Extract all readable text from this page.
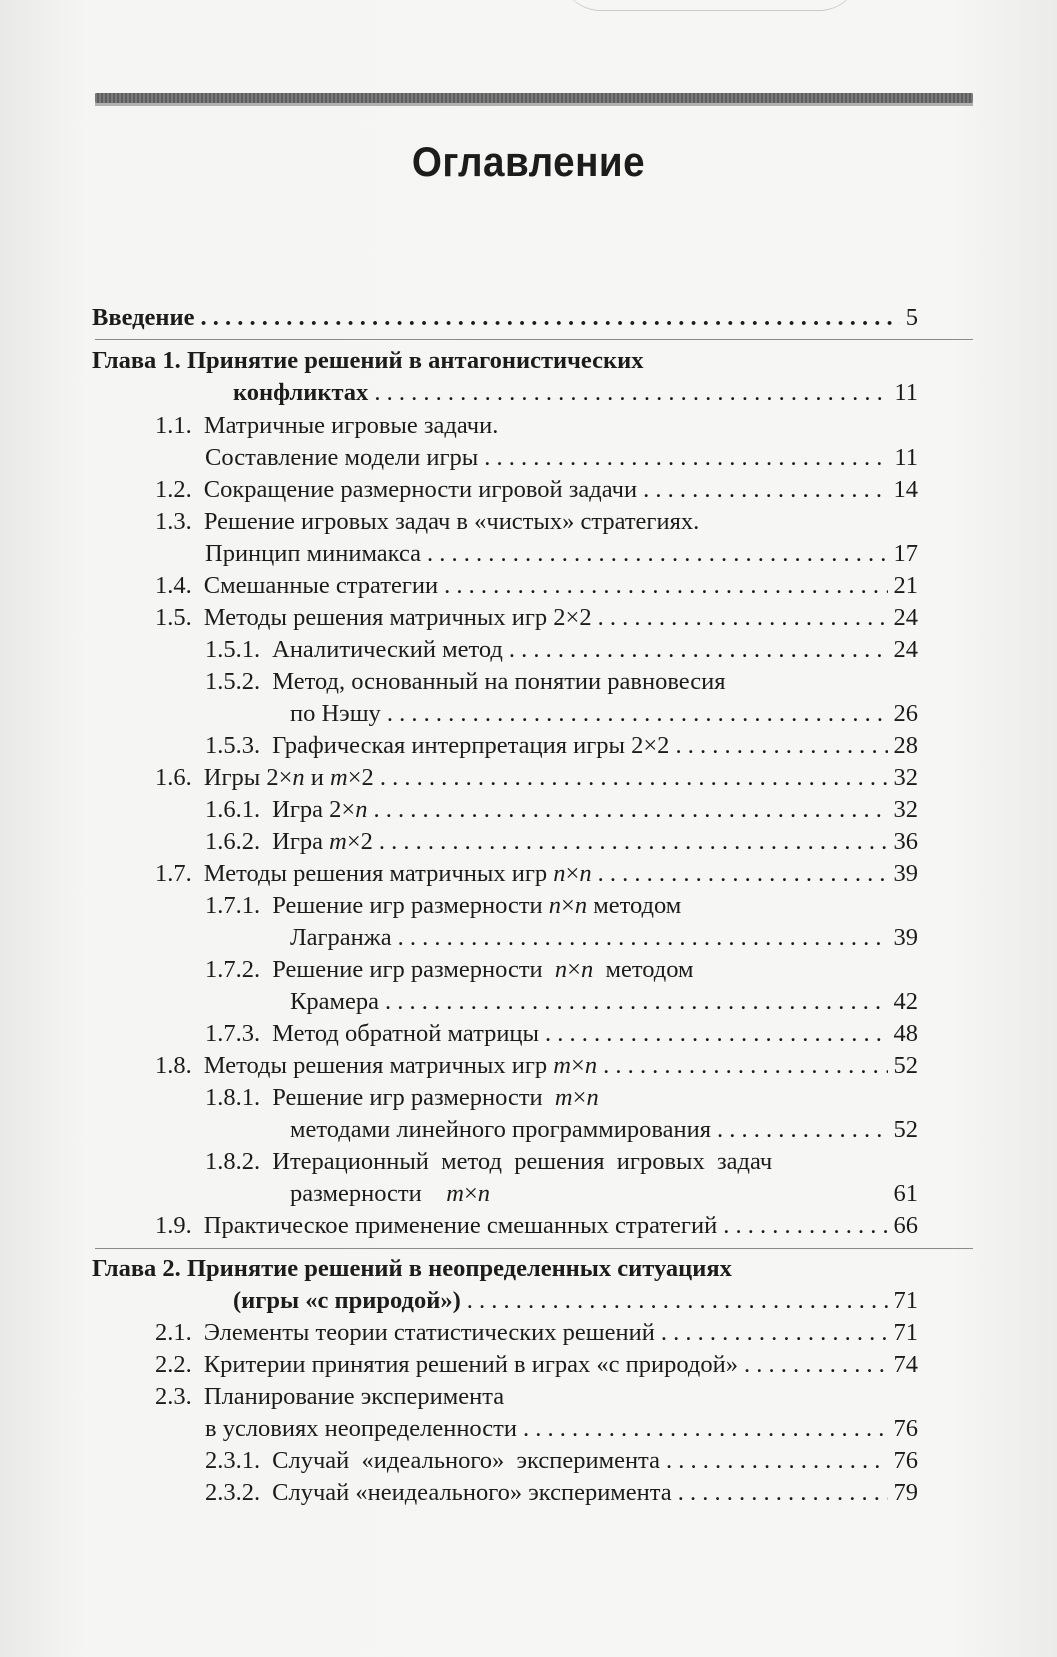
Оглавление
Введение . . .	5
Глава 1. Принятие решений в антагонистических
конфликтах . . .	11
1.1. Матричные игровые задачи.
Составление модели игры . . .	11
1.2. Сокращение размерности игровой задачи . . .	14
1.3. Решение игровых задач в «чистых» стратегиях.
Принцип минимакса . . .	17
1.4. Смешанные стратегии . . .	21
1.5. Методы решения матричных игр 2×2 . . .	24
1.5.1. Аналитический метод . . .	24
1.5.2. Метод, основанный на понятии равновесия
по Нэшу . . .	26
1.5.3. Графическая интерпретация игры 2×2 . . .	28
1.6. Игры 2×n и m×2 . . .	32
1.6.1. Игра 2×n . . .	32
1.6.2. Игра m×2 . . .	36
1.7. Методы решения матричных игр n×n . . .	39
1.7.1. Решение игр размерности n×n методом
Лагранжа . . .	39
1.7.2. Решение игр размерности  n×n  методом
Крамера . . .	42
1.7.3. Метод обратной матрицы . . .	48
1.8. Методы решения матричных игр m×n . . .	52
1.8.1. Решение игр размерности  m×n
методами линейного программирования . . .	52
1.8.2. Итерационный  метод  решения  игровых  задач
размерности    m×n	61
1.9. Практическое применение смешанных стратегий . . .	66
Глава 2. Принятие решений в неопределенных ситуациях
(игры «с природой») . . .	71
2.1. Элементы теории статистических решений . . .	71
2.2. Критерии принятия решений в играх «с природой» . . .	74
2.3. Планирование эксперимента
в условиях неопределенности . . .	76
2.3.1. Случай  «идеального»  эксперимента . . .	76
2.3.2. Случай «неидеального» эксперимента . . .	79
